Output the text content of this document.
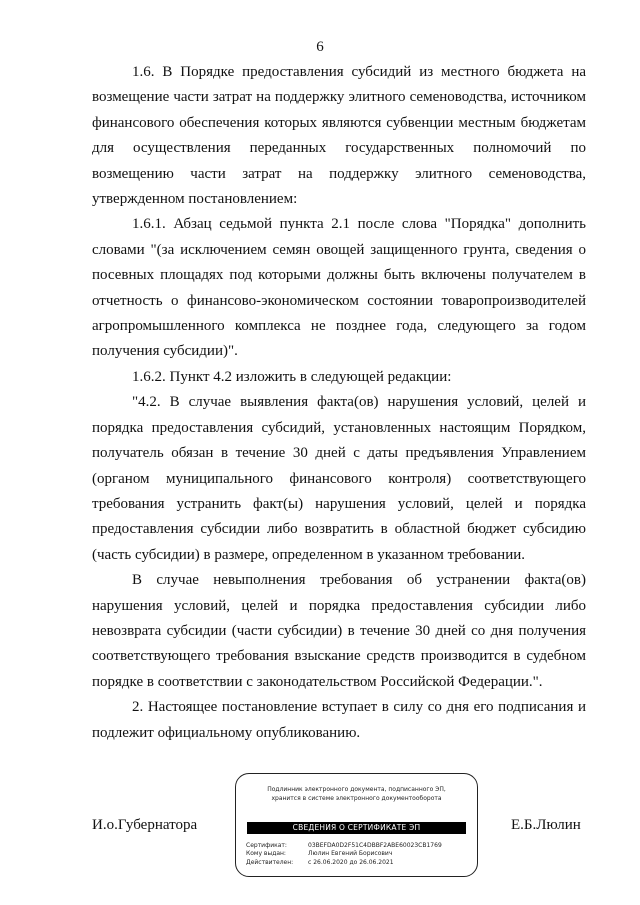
6

1.6. В Порядке предоставления субсидий из местного бюджета на возмещение части затрат на поддержку элитного семеноводства, источником финансового обеспечения которых являются субвенции местным бюджетам для осуществления переданных государственных полномочий по возмещению части затрат на поддержку элитного семеноводства, утвержденном постановлением:

1.6.1. Абзац седьмой пункта 2.1 после слова "Порядка" дополнить словами "(за исключением семян овощей защищенного грунта, сведения о посевных площадях под которыми должны быть включены получателем в отчетность о финансово-экономическом состоянии товаропроизводителей агропромышленного комплекса не позднее года, следующего за годом получения субсидии)".

1.6.2. Пункт 4.2 изложить в следующей редакции:

"4.2. В случае выявления факта(ов) нарушения условий, целей и порядка предоставления субсидий, установленных настоящим Порядком, получатель обязан в течение 30 дней с даты предъявления Управлением (органом муниципального финансового контроля) соответствующего требования устранить факт(ы) нарушения условий, целей и порядка предоставления субсидии либо возвратить в областной бюджет субсидию (часть субсидии) в размере, определенном в указанном требовании.

В случае невыполнения требования об устранении факта(ов) нарушения условий, целей и порядка предоставления субсидии либо невозврата субсидии (части субсидии) в течение 30 дней со дня получения соответствующего требования взыскание средств производится в судебном порядке в соответствии с законодательством Российской Федерации.".

2. Настоящее постановление вступает в силу со дня его подписания и подлежит официальному опубликованию.

И.о.Губернатора
Подлинник электронного документа, подписанного ЭП,
хранится в системе электронного документооборота
СВЕДЕНИЯ О СЕРТИФИКАТЕ ЭП
Сертификат:	03BEFDA0D2F51C4DBBF2ABE60023CB1769
Кому выдан:	Люлин Евгений Борисович
Действителен: с 26.06.2020 до 26.06.2021
Е.Б.Люлин
